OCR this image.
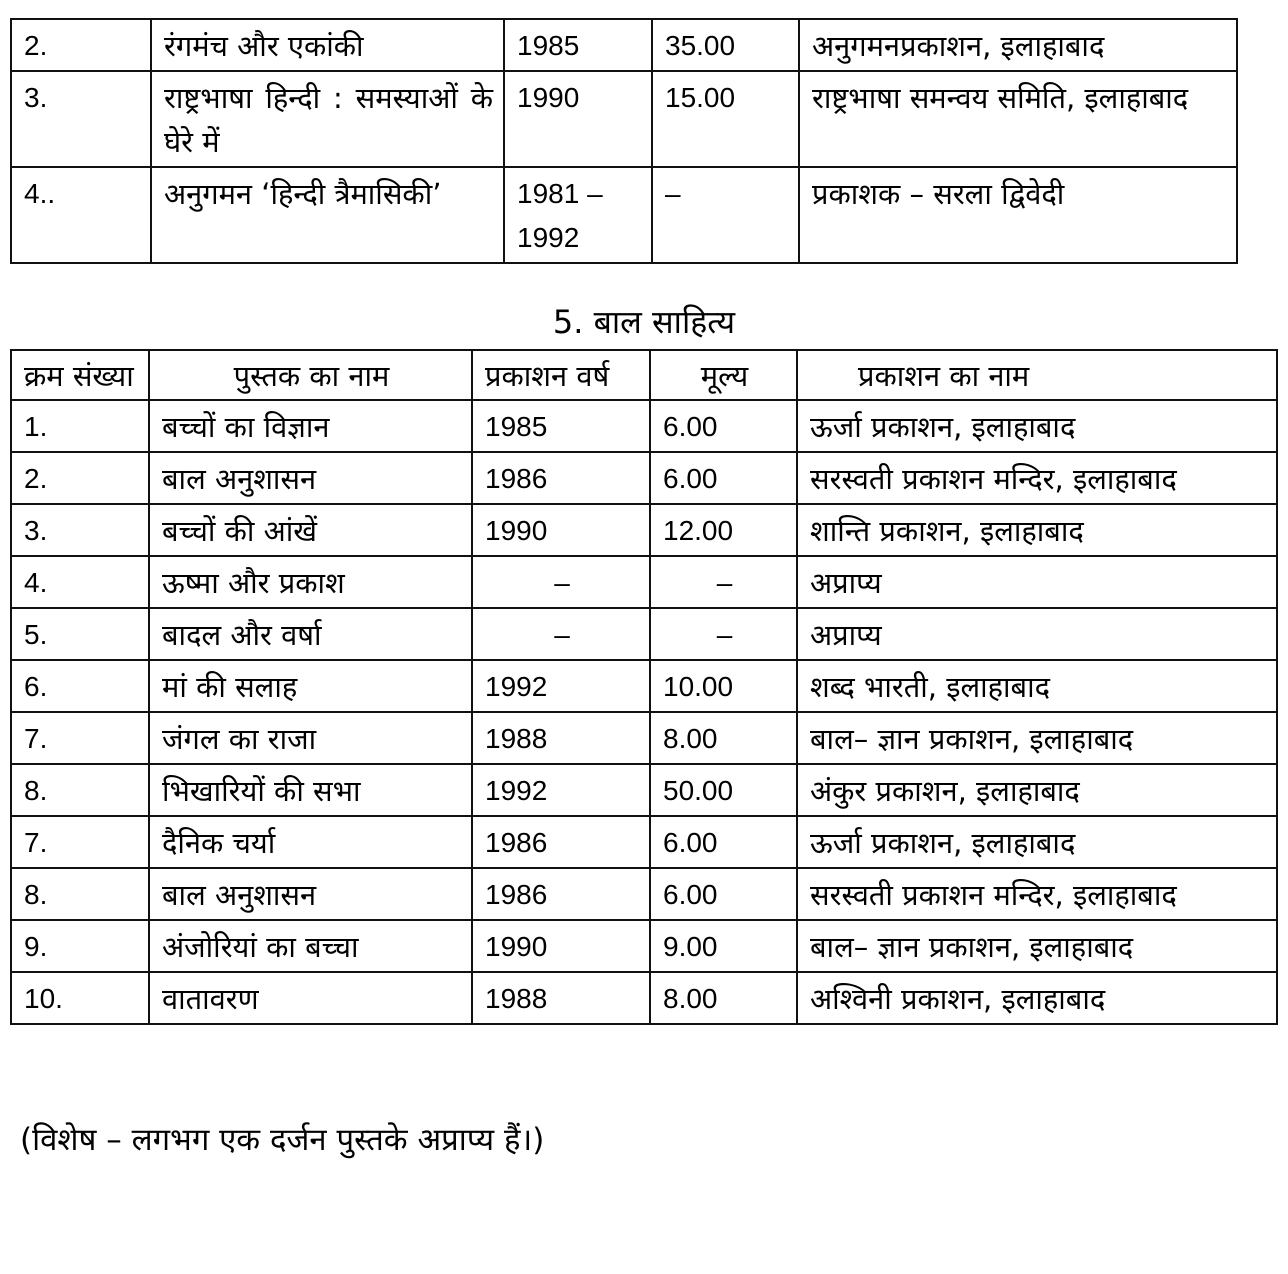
2.	रंगमंच और एकांकी	1985	35.00	अनुगमनप्रकाशन, इलाहाबाद
3.	राष्ट्रभाषा हिन्दी : समस्याओं के घेरे में	1990	15.00	राष्ट्रभाषा समन्वय समिति, इलाहाबाद
4..	अनुगमन ‘हिन्दी त्रैमासिकी’	1981 – 1992	–	प्रकाशक – सरला द्विवेदी
5. बाल साहित्य
क्रम संख्या	पुस्तक का नाम	प्रकाशन वर्ष	मूल्य	प्रकाशन का नाम
1.	बच्चों का विज्ञान	1985	6.00	ऊर्जा प्रकाशन, इलाहाबाद
2.	बाल अनुशासन	1986	6.00	सरस्वती प्रकाशन मन्दिर, इलाहाबाद
3.	बच्चों की आंखें	1990	12.00	शान्ति प्रकाशन, इलाहाबाद
4.	ऊष्मा और प्रकाश	–	–	अप्राप्य
5.	बादल और वर्षा	–	–	अप्राप्य
6.	मां की सलाह	1992	10.00	शब्द भारती, इलाहाबाद
7.	जंगल का राजा	1988	8.00	बाल– ज्ञान प्रकाशन, इलाहाबाद
8.	भिखारियों की सभा	1992	50.00	अंकुर प्रकाशन, इलाहाबाद
7.	दैनिक चर्या	1986	6.00	ऊर्जा प्रकाशन, इलाहाबाद
8.	बाल अनुशासन	1986	6.00	सरस्वती प्रकाशन मन्दिर, इलाहाबाद
9.	अंजोरियां का बच्चा	1990	9.00	बाल– ज्ञान प्रकाशन, इलाहाबाद
10.	वातावरण	1988	8.00	अश्विनी प्रकाशन, इलाहाबाद
(विशेष – लगभग एक दर्जन पुस्तके अप्राप्य हैं।)
